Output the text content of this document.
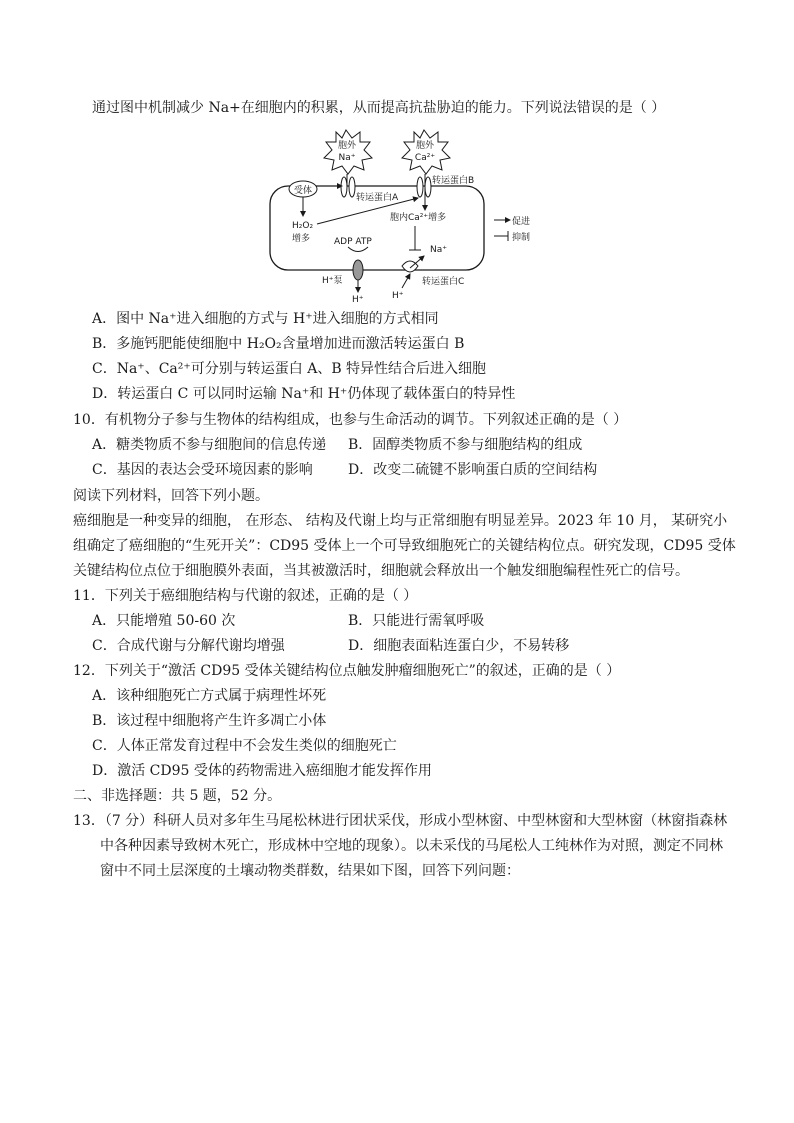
通过图中机制减少 Na+在细胞内的积累，从而提高抗盐胁迫的能力。下列说法错误的是（ ）
胞外
Na⁺
胞外
Ca²⁺
受体
转运蛋白A
转运蛋白B
H₂O₂
增多
胞内Ca²⁺增多
ADP ATP
H⁺泵
H⁺
Na⁺
H⁺
转运蛋白C
促进
抑制
A．图中 Na⁺进入细胞的方式与 H⁺进入细胞的方式相同
B．多施钙肥能使细胞中 H₂O₂含量增加进而激活转运蛋白 B
C．Na⁺、Ca²⁺可分别与转运蛋白 A、B 特异性结合后进入细胞
D．转运蛋白 C 可以同时运输 Na⁺和 H⁺仍体现了载体蛋白的特异性
10．有机物分子参与生物体的结构组成，也参与生命活动的调节。下列叙述正确的是（ ）
A．糖类物质不参与细胞间的信息传递 B．固醇类物质不参与细胞结构的组成
C．基因的表达会受环境因素的影响	D．改变二硫键不影响蛋白质的空间结构
阅读下列材料，回答下列小题。
癌细胞是一种变异的细胞， 在形态、 结构及代谢上均与正常细胞有明显差异。2023 年 10 月， 某研究小
组确定了癌细胞的“生死开关”：CD95 受体上一个可导致细胞死亡的关键结构位点。研究发现，CD95 受体
关键结构位点位于细胞膜外表面，当其被激活时，细胞就会释放出一个触发细胞编程性死亡的信号。
11．下列关于癌细胞结构与代谢的叙述，正确的是（ ）
A．只能增殖 50-60 次	B．只能进行需氧呼吸
C．合成代谢与分解代谢均增强	D．细胞表面粘连蛋白少，不易转移
12．下列关于“激活 CD95 受体关键结构位点触发肿瘤细胞死亡”的叙述，正确的是（ ）
A．该种细胞死亡方式属于病理性坏死
B．该过程中细胞将产生许多凋亡小体
C．人体正常发育过程中不会发生类似的细胞死亡
D．激活 CD95 受体的药物需进入癌细胞才能发挥作用
二、非选择题：共 5 题，52 分。
13．（7 分）科研人员对多年生马尾松林进行团状采伐，形成小型林窗、中型林窗和大型林窗（林窗指森林
中各种因素导致树木死亡，形成林中空地的现象）。以未采伐的马尾松人工纯林作为对照，测定不同林
窗中不同土层深度的土壤动物类群数，结果如下图，回答下列问题：
